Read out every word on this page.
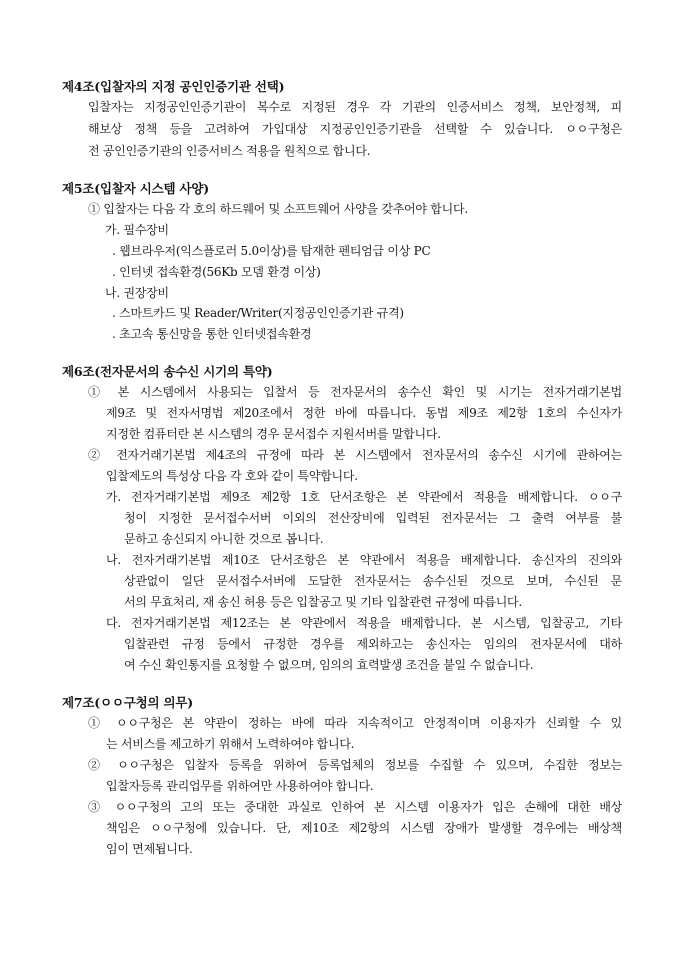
제4조(입찰자의 지정 공인인증기관 선택)
입찰자는 지정공인인증기관이 복수로 지정된 경우 각 기관의 인증서비스 정책, 보안정책, 피
해보상 정책 등을 고려하여 가입대상 지정공인인증기관을 선택할 수 있습니다. ㅇㅇ구청은
전 공인인증기관의 인증서비스 적용을 원칙으로 합니다.
제5조(입찰자 시스템 사양)
① 입찰자는 다음 각 호의 하드웨어 및 소프트웨어 사양을 갖추어야 합니다.
가. 필수장비
. 웹브라우저(익스플로러 5.0이상)를 탑재한 펜티엄급 이상 PC
. 인터넷 접속환경(56Kb 모뎀 환경 이상)
나. 권장장비
. 스마트카드 및 Reader/Writer(지정공인인증기관 규격)
. 초고속 통신망을 통한 인터넷접속환경
제6조(전자문서의 송수신 시기의 특약)
① 본 시스템에서 사용되는 입찰서 등 전자문서의 송수신 확인 및 시기는 전자거래기본법
제9조 및 전자서명법 제20조에서 정한 바에 따릅니다. 동법 제9조 제2항 1호의 수신자가
지정한 컴퓨터란 본 시스템의 경우 문서접수 지원서버를 말합니다.
② 전자거래기본법 제4조의 규정에 따라 본 시스템에서 전자문서의 송수신 시기에 관하여는
입찰제도의 특성상 다음 각 호와 같이 특약합니다.
가. 전자거래기본법 제9조 제2항 1호 단서조항은 본 약관에서 적용을 배제합니다. ㅇㅇ구
청이 지정한 문서접수서버 이외의 전산장비에 입력된 전자문서는 그 출력 여부를 불
문하고 송신되지 아니한 것으로 봅니다.
나. 전자거래기본법 제10조 단서조항은 본 약관에서 적용을 배제합니다. 송신자의 진의와
상관없이 일단 문서접수서버에 도달한 전자문서는 송수신된 것으로 보며, 수신된 문
서의 무효처리, 재 송신 허용 등은 입찰공고 및 기타 입찰관련 규정에 따릅니다.
다. 전자거래기본법 제12조는 본 약관에서 적용을 배제합니다. 본 시스템, 입찰공고, 기타
입찰관련 규정 등에서 규정한 경우를 제외하고는 송신자는 임의의 전자문서에 대하
여 수신 확인통지를 요청할 수 없으며, 임의의 효력발생 조건을 붙일 수 없습니다.
제7조(ㅇㅇ구청의 의무)
① ㅇㅇ구청은 본 약관이 정하는 바에 따라 지속적이고 안정적이며 이용자가 신뢰할 수 있
는 서비스를 제고하기 위해서 노력하여야 합니다.
② ㅇㅇ구청은 입찰자 등록을 위하여 등록업체의 정보를 수집할 수 있으며, 수집한 정보는
입찰자등록 관리업무를 위하여만 사용하여야 합니다.
③ ㅇㅇ구청의 고의 또는 중대한 과실로 인하여 본 시스템 이용자가 입은 손해에 대한 배상
책임은 ㅇㅇ구청에 있습니다. 단, 제10조 제2항의 시스템 장애가 발생할 경우에는 배상책
임이 면제됩니다.
